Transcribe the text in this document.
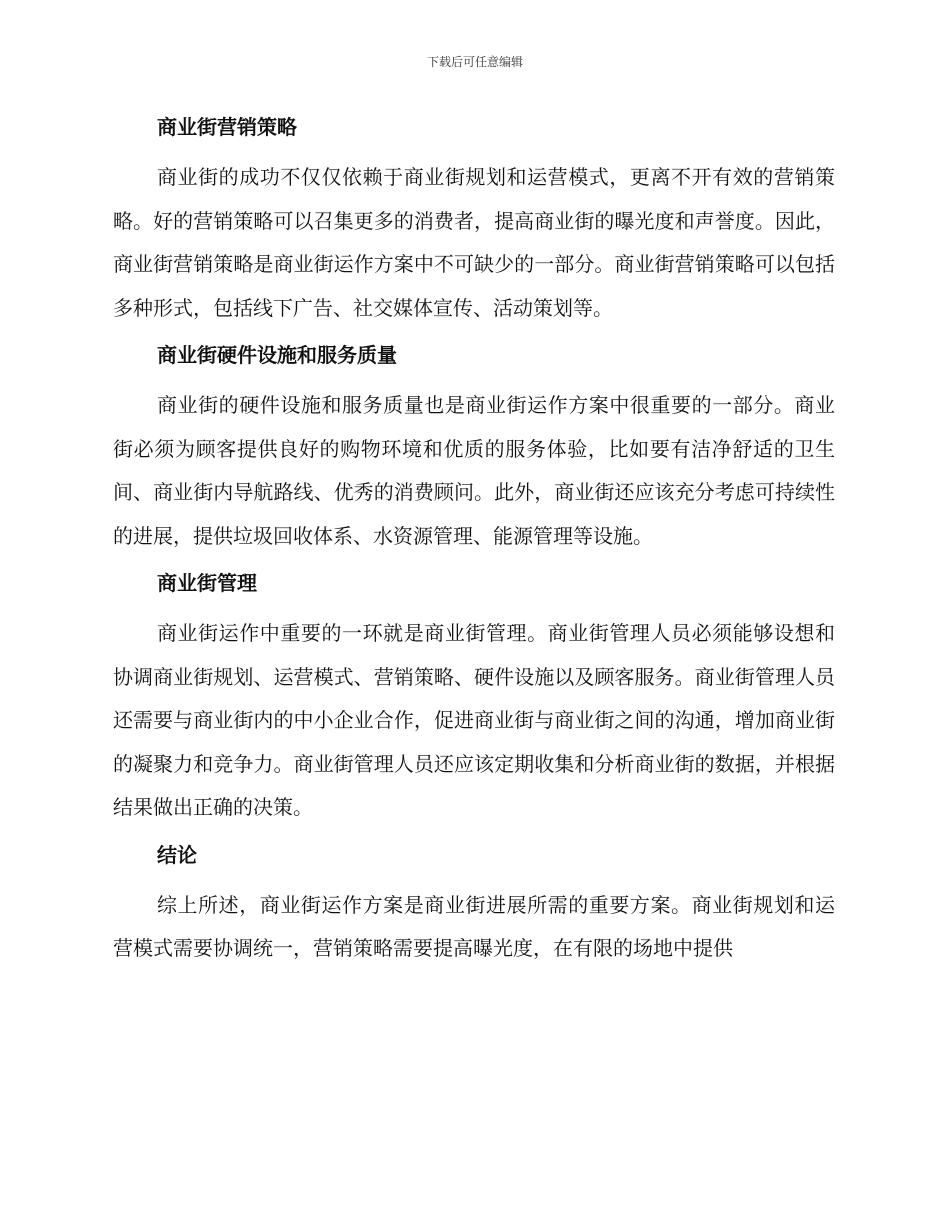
下载后可任意编辑
商业街营销策略

商业街的成功不仅仅依赖于商业街规划和运营模式，更离不开有效的营销策略。好的营销策略可以召集更多的消费者，提高商业街的曝光度和声誉度。因此，商业街营销策略是商业街运作方案中不可缺少的一部分。商业街营销策略可以包括多种形式，包括线下广告、社交媒体宣传、活动策划等。

商业街硬件设施和服务质量

商业街的硬件设施和服务质量也是商业街运作方案中很重要的一部分。商业街必须为顾客提供良好的购物环境和优质的服务体验，比如要有洁净舒适的卫生间、商业街内导航路线、优秀的消费顾问。此外，商业街还应该充分考虑可持续性的进展，提供垃圾回收体系、水资源管理、能源管理等设施。

商业街管理

商业街运作中重要的一环就是商业街管理。商业街管理人员必须能够设想和协调商业街规划、运营模式、营销策略、硬件设施以及顾客服务。商业街管理人员还需要与商业街内的中小企业合作，促进商业街与商业街之间的沟通，增加商业街的凝聚力和竞争力。商业街管理人员还应该定期收集和分析商业街的数据，并根据结果做出正确的决策。

结论

综上所述，商业街运作方案是商业街进展所需的重要方案。商业街规划和运营模式需要协调统一，营销策略需要提高曝光度，在有限的场地中提供
